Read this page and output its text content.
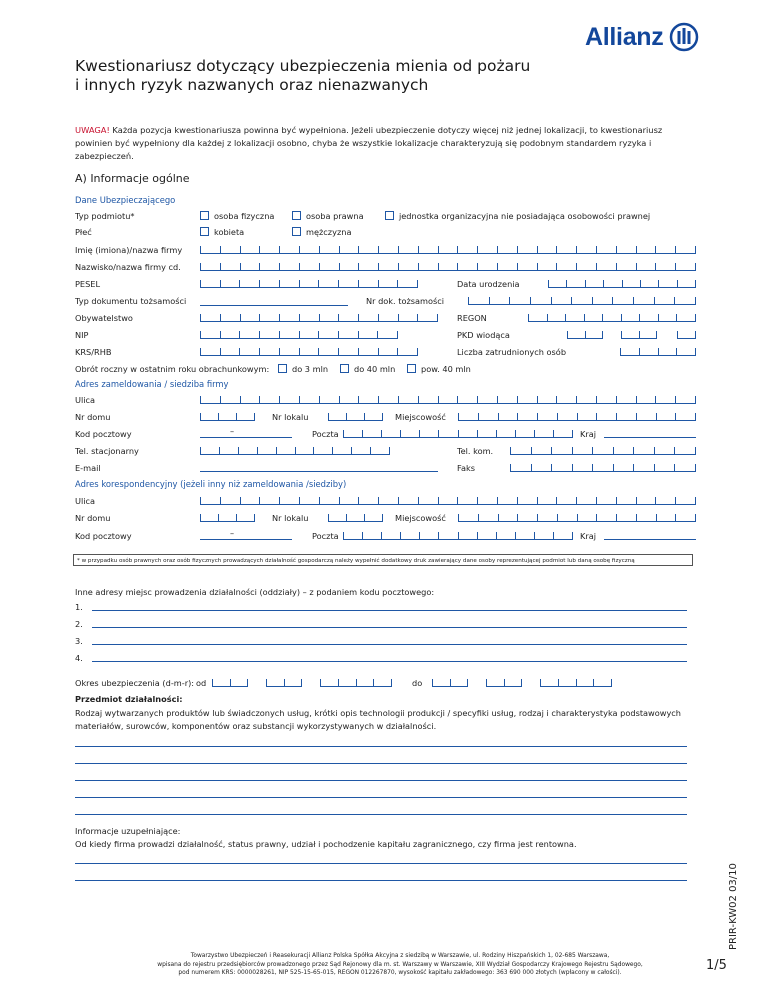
Kwestionariusz dotyczący ubezpieczenia mienia od pożaru
i innych ryzyk nazwanych oraz nienazwanych
Allianz
UWAGA! Każda pozycja kwestionariusza powinna być wypełniona. Jeżeli ubezpieczenie dotyczy więcej niż jednej lokalizacji, to kwestionariusz powinien być wypełniony dla każdej z lokalizacji osobno, chyba że wszystkie lokalizacje charakteryzują się podobnym standardem ryzyka i zabezpieczeń.
A) Informacje ogólne
Dane Ubezpieczającego
Typ podmiotu*	osoba fizyczna	osoba prawna	jednostka organizacyjna nie posiadająca osobowości prawnej
Płeć	kobieta	mężczyzna
Imię (imiona)/nazwa firmy
Nazwisko/nazwa firmy cd.
PESEL	Data urodzenia
Typ dokumentu tożsamości	Nr dok. tożsamości
Obywatelstwo	REGON
NIP	PKD wiodąca
KRS/RHB	Liczba zatrudnionych osób
Obrót roczny w ostatnim roku obrachunkowym:	do 3 mln	do 40 mln	pow. 40 mln
Adres zameldowania / siedziba firmy
Ulica
Nr domu	Nr lokalu	Miejscowość
Kod pocztowy	–	Poczta	Kraj
Tel. stacjonarny	Tel. kom.
E-mail	Faks
Adres korespondencyjny (jeżeli inny niż zameldowania /siedziby)
Ulica
Nr domu	Nr lokalu	Miejscowość
Kod pocztowy	–	Poczta	Kraj
* w przypadku osób prawnych oraz osób fizycznych prowadzących działalność gospodarczą należy wypełnić dodatkowy druk zawierający dane osoby reprezentującej podmiot lub daną osobę fizyczną
Inne adresy miejsc prowadzenia działalności (oddziały) – z podaniem kodu pocztowego:
1.
2.
3.
4.
Okres ubezpieczenia (d-m-r): od	do
Przedmiot działalności:
Rodzaj wytwarzanych produktów lub świadczonych usług, krótki opis technologii produkcji / specyfiki usług, rodzaj i charakterystyka podstawowych materiałów, surowców, komponentów oraz substancji wykorzystywanych w działalności.
Informacje uzupełniające:
Od kiedy firma prowadzi działalność, status prawny, udział i pochodzenie kapitału zagranicznego, czy firma jest rentowna.
Towarzystwo Ubezpieczeń i Reasekuracji Allianz Polska Spółka Akcyjna z siedzibą w Warszawie, ul. Rodziny Hiszpańskich 1, 02-685 Warszawa,
wpisana do rejestru przedsiębiorców prowadzonego przez Sąd Rejonowy dla m. st. Warszawy w Warszawie, XIII Wydział Gospodarczy Krajowego Rejestru Sądowego,
pod numerem KRS: 0000028261, NIP 525-15-65-015, REGON 012267870, wysokość kapitału zakładowego: 363 690 000 złotych (wpłacony w całości).	1/5
PRIR-KW02 03/10
